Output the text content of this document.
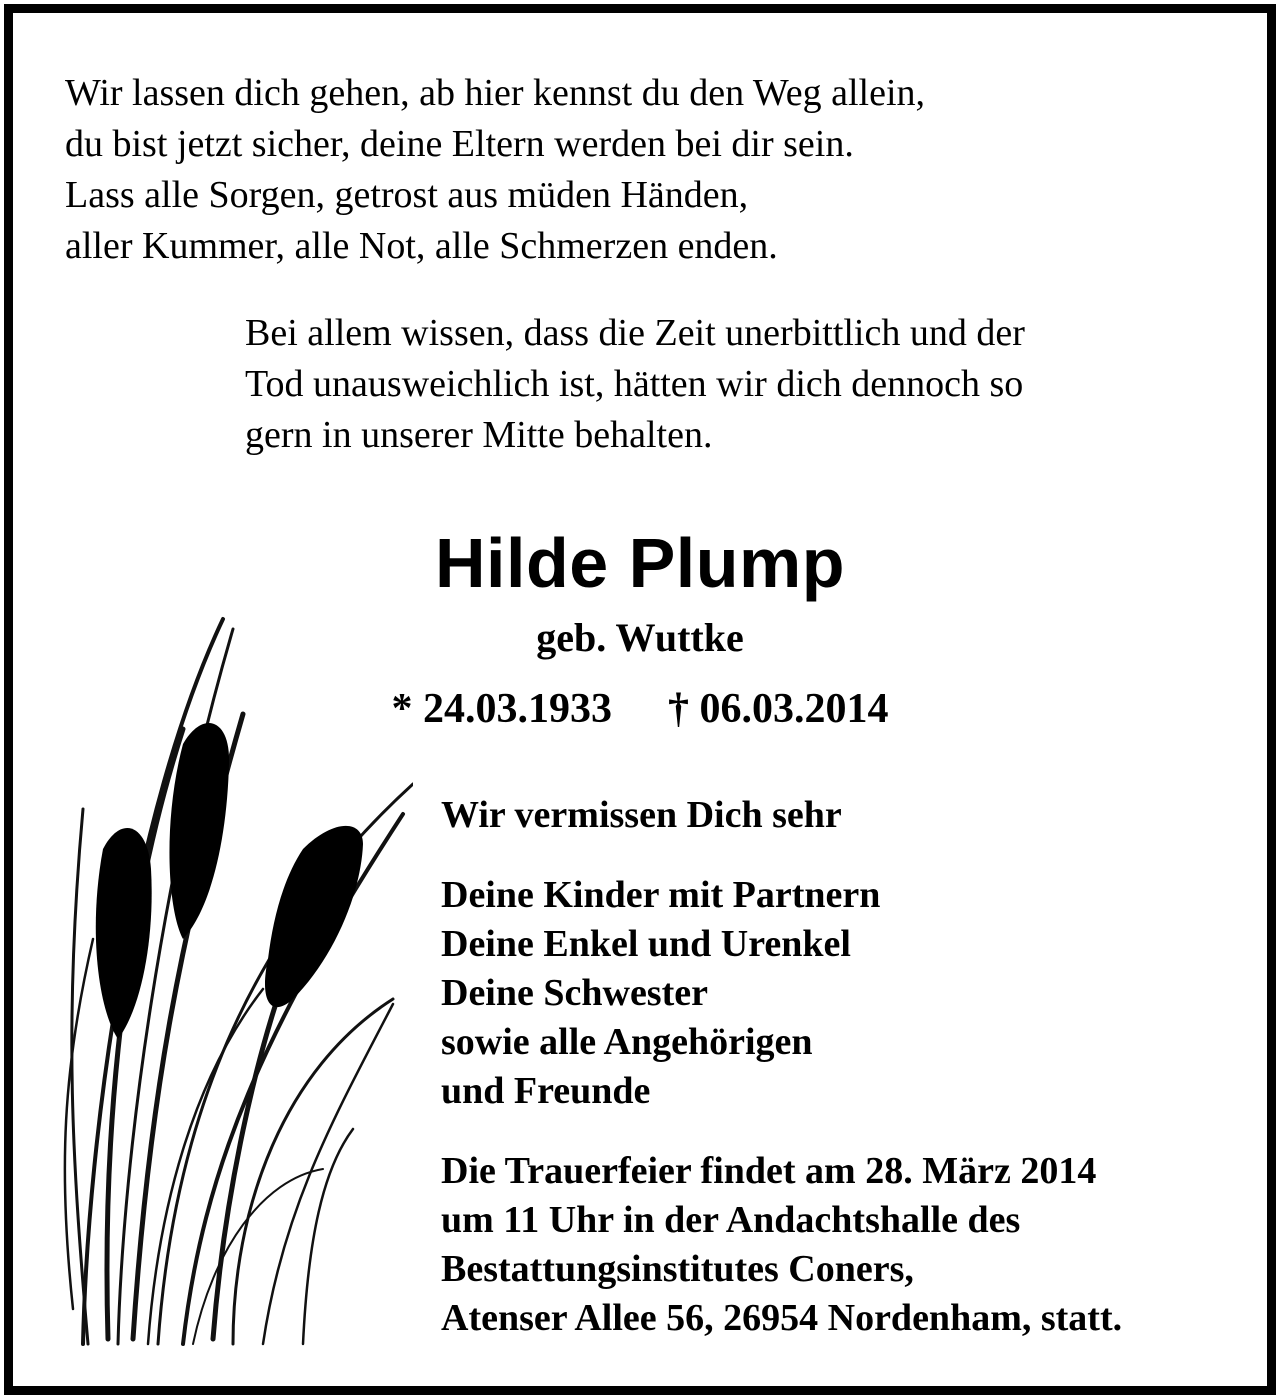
Wir lassen dich gehen, ab hier kennst du den Weg allein,
du bist jetzt sicher, deine Eltern werden bei dir sein.
Lass alle Sorgen, getrost aus müden Händen,
aller Kummer, alle Not, alle Schmerzen enden.
Bei allem wissen, dass die Zeit unerbittlich und der
Tod unausweichlich ist, hätten wir dich dennoch so
gern in unserer Mitte behalten.
Hilde Plump
geb. Wuttke
* 24.03.1933 † 06.03.2014
Wir vermissen Dich sehr
Deine Kinder mit Partnern
Deine Enkel und Urenkel
Deine Schwester
sowie alle Angehörigen
und Freunde
Die Trauerfeier findet am 28. März 2014
um 11 Uhr in der Andachtshalle des
Bestattungsinstitutes Coners,
Atenser Allee 56, 26954 Nordenham, statt.
